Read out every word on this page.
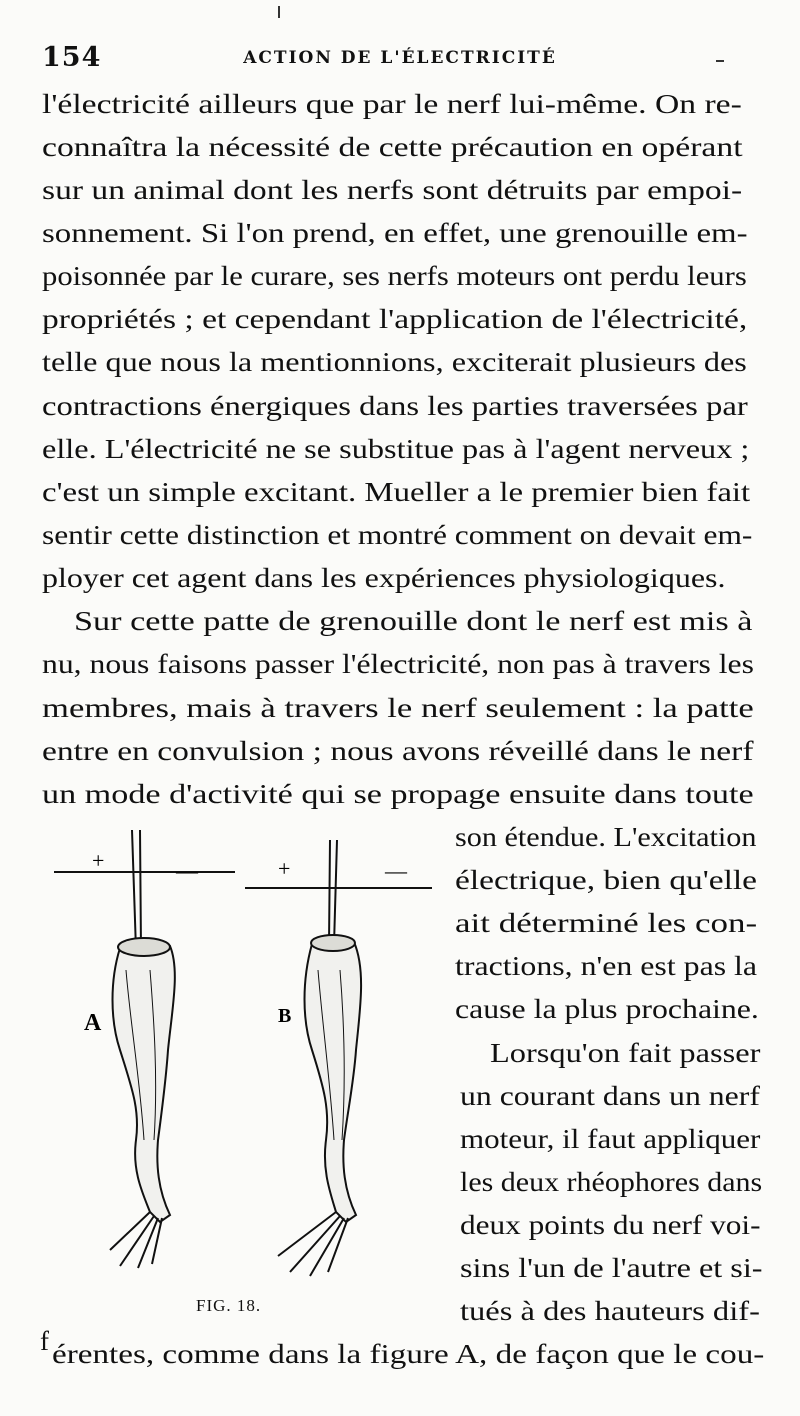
154	ACTION DE L'ÉLECTRICITÉ
l'électricité ailleurs que par le nerf lui-même. On re-
connaîtra la nécessité de cette précaution en opérant
sur un animal dont les nerfs sont détruits par empoi-
sonnement. Si l'on prend, en effet, une grenouille em-
poisonnée par le curare, ses nerfs moteurs ont perdu leurs
propriétés ; et cependant l'application de l'électricité,
telle que nous la mentionnions, exciterait plusieurs des
contractions énergiques dans les parties traversées par
elle. L'électricité ne se substitue pas à l'agent nerveux ;
c'est un simple excitant. Mueller a le premier bien fait
sentir cette distinction et montré comment on devait em-
ployer cet agent dans les expériences physiologiques.
Sur cette patte de grenouille dont le nerf est mis à
nu, nous faisons passer l'électricité, non pas à travers les
membres, mais à travers le nerf seulement : la patte
entre en convulsion ; nous avons réveillé dans le nerf
un mode d'activité qui se propage ensuite dans toute
son étendue. L'excitation
électrique, bien qu'elle
ait déterminé les con-
tractions, n'en est pas la
cause la plus prochaine.
Lorsqu'on fait passer
un courant dans un nerf
moteur, il faut appliquer
les deux rhéophores dans
deux points du nerf voi-
sins l'un de l'autre et si-
tués à des hauteurs dif-
érentes, comme dans la figure A, de façon que le cou-
f
+	—	+	—
A	B
FIG. 18.
